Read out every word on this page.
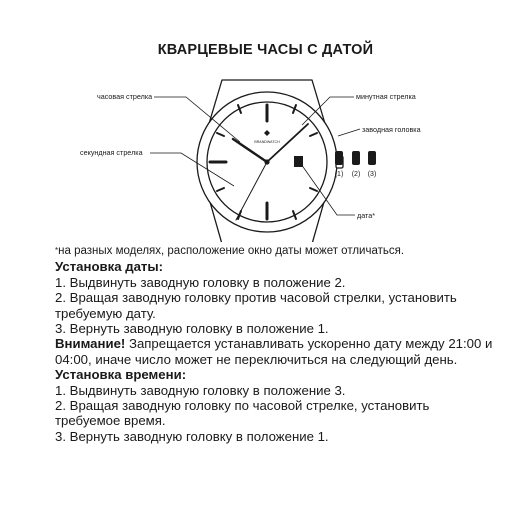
КВАРЦЕВЫЕ ЧАСЫ С ДАТОЙ
BRANDWATCH
часовая стрелка
секундная стрелка
минутная стрелка
заводная головка
дата*
(1) (2) (3)

*на разных моделях, расположение окно даты может отличаться.

Установка даты:

1. Выдвинуть заводную головку в положение 2.

2. Вращая заводную головку против часовой стрелки, установить требуемую дату.

3. Вернуть заводную головку в положение 1.

Внимание! Запрещается устанавливать ускоренно дату между 21:00 и 04:00, иначе число может не переключиться на следующий день.

Установка времени:

1. Выдвинуть заводную головку в положение 3.

2. Вращая заводную головку по часовой стрелке, установить требуемое время.

3. Вернуть заводную головку в положение 1.
